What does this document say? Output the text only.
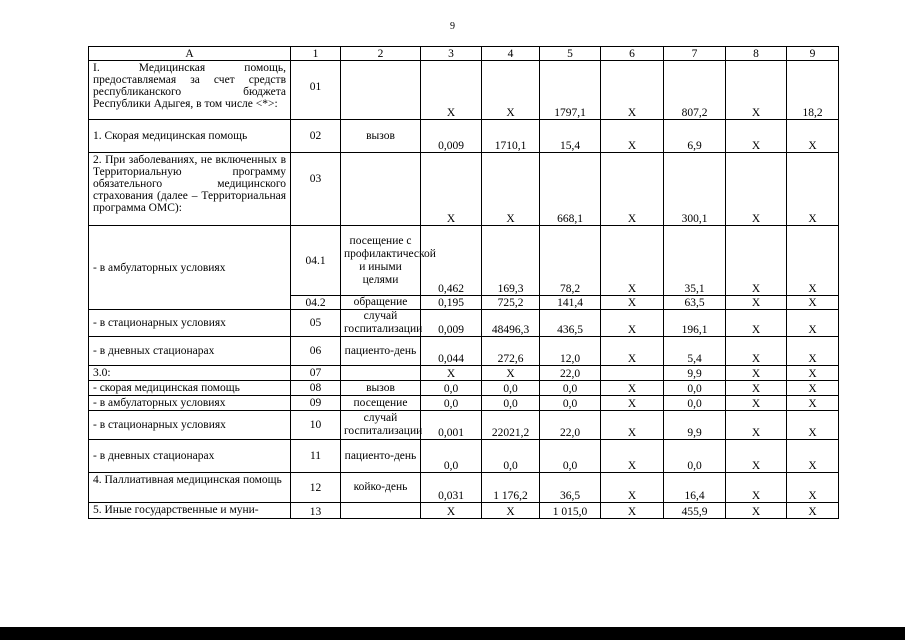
9
A	1	2	3	4	5	6	7	8	9
I. Медицинская помощь, предоставляемая за счет средств республиканского бюджета Республики Адыгея, в том числе <*>:	01		X	X	1797,1	X	807,2	X	18,2
1. Скорая медицинская помощь	02	вызов	0,009	1710,1	15,4	X	6,9	X	X
2. При заболеваниях, не включенных в Территориальную программу обязательного медицинского страхования (далее – Территориальная программа ОМС):	03		X	X	668,1	X	300,1	X	X
- в амбулаторных условиях	04.1	посещение с профилактической и иными целями	0,462	169,3	78,2	X	35,1	X	X
	04.2	обращение	0,195	725,2	141,4	X	63,5	X	X
- в стационарных условиях	05	случай госпитализации	0,009	48496,3	436,5	X	196,1	X	X
- в дневных стационарах	06	пациенто-день	0,044	272,6	12,0	X	5,4	X	X
3.0:	07		X	X	22,0		9,9	X	X
- скорая медицинская помощь	08	вызов	0,0	0,0	0,0	X	0,0	X	X
- в амбулаторных условиях	09	посещение	0,0	0,0	0,0	X	0,0	X	X
- в стационарных условиях	10	случай госпитализации	0,001	22021,2	22,0	X	9,9	X	X
- в дневных стационарах	11	пациенто-день	0,0	0,0	0,0	X	0,0	X	X
4. Паллиативная медицинская помощь	12	койко-день	0,031	1 176,2	36,5	X	16,4	X	X
5. Иные государственные и муни-	13		X	X	1 015,0	X	455,9	X	X
